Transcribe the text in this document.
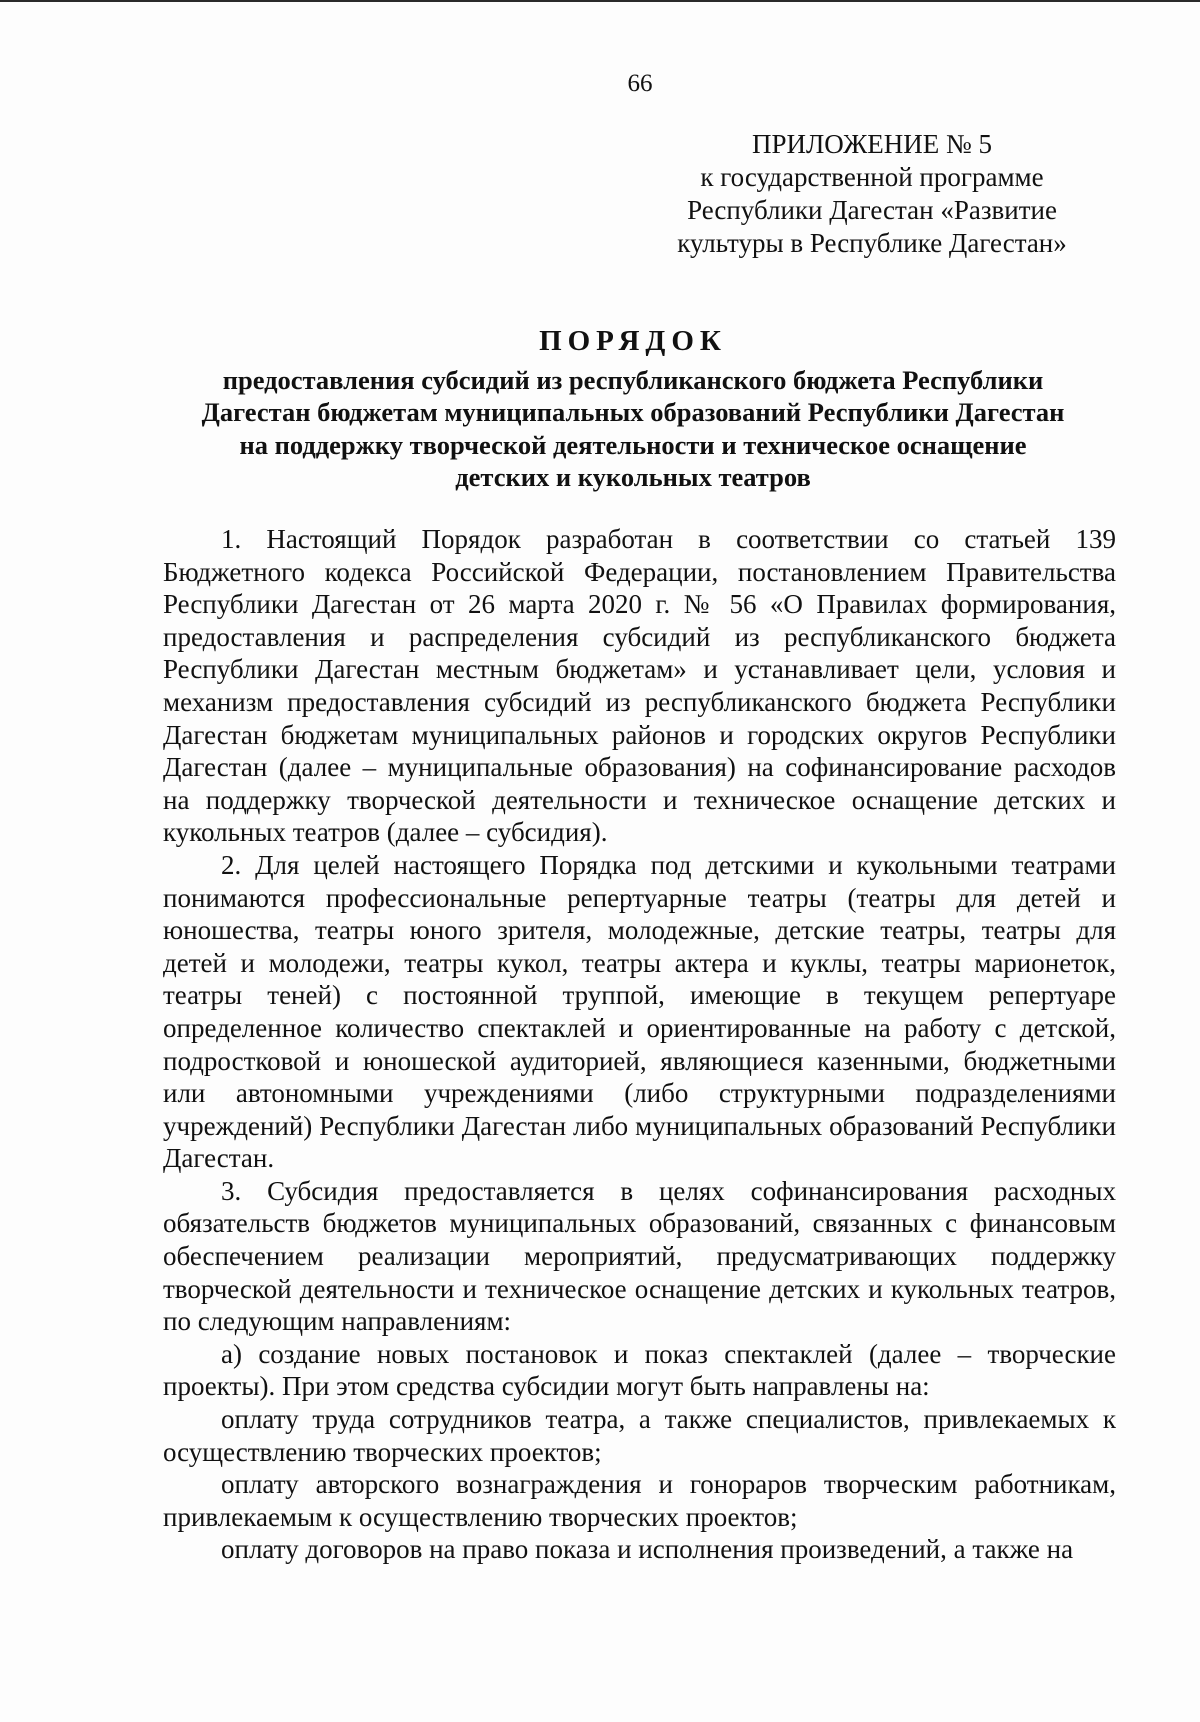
66
ПРИЛОЖЕНИЕ № 5
к государственной программе
Республики Дагестан «Развитие
культуры в Республике Дагестан»
ПОРЯДОК
предоставления субсидий из республиканского бюджета Республики
Дагестан бюджетам муниципальных образований Республики Дагестан
на поддержку творческой деятельности и техническое оснащение
детских и кукольных театров

1. Настоящий Порядок разработан в соответствии со статьей 139 Бюджетного кодекса Российской Федерации, постановлением Правительства Республики Дагестан от 26 марта 2020 г. № 56 «О Правилах формирования, предоставления и распределения субсидий из республиканского бюджета Республики Дагестан местным бюджетам» и устанавливает цели, условия и механизм предоставления субсидий из республиканского бюджета Республики Дагестан бюджетам муниципальных районов и городских округов Республики Дагестан (далее – муниципальные образования) на софинансирование расходов на поддержку творческой деятельности и техническое оснащение детских и кукольных театров (далее – субсидия).

2. Для целей настоящего Порядка под детскими и кукольными театрами понимаются профессиональные репертуарные театры (театры для детей и юношества, театры юного зрителя, молодежные, детские театры, театры для детей и молодежи, театры кукол, театры актера и куклы, театры марионеток, театры теней) с постоянной труппой, имеющие в текущем репертуаре определенное количество спектаклей и ориентированные на работу с детской, подростковой и юношеской аудиторией, являющиеся казенными, бюджетными или автономными учреждениями (либо структурными подразделениями учреждений) Республики Дагестан либо муниципальных образований Республики Дагестан.

3. Субсидия предоставляется в целях софинансирования расходных обязательств бюджетов муниципальных образований, связанных с финансовым обеспечением реализации мероприятий, предусматривающих поддержку творческой деятельности и техническое оснащение детских и кукольных театров, по следующим направлениям:

а) создание новых постановок и показ спектаклей (далее – творческие проекты). При этом средства субсидии могут быть направлены на:

оплату труда сотрудников театра, а также специалистов, привлекаемых к осуществлению творческих проектов;

оплату авторского вознаграждения и гонораров творческим работникам, привлекаемым к осуществлению творческих проектов;

оплату договоров на право показа и исполнения произведений, а также на
